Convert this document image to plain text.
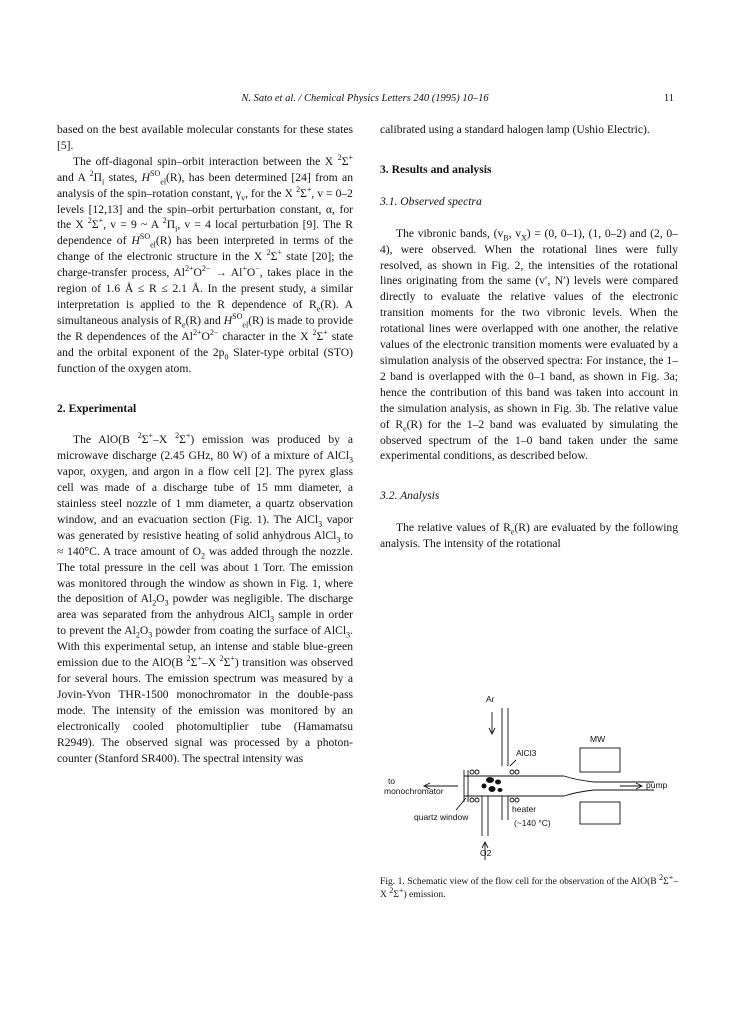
N. Sato et al. / Chemical Physics Letters 240 (1995) 10–16	11

based on the best available molecular constants for these states [5].

The off-diagonal spin–orbit interaction between the X $^2$Σ+ and A $^2\Pi_i$ states, $H^{SO}_{el}(R)$, has been determined [24] from an analysis of the spin–rotation constant, $\gamma_v$, for the X $^2$Σ+, v = 0–2 levels [12,13] and the spin–orbit perturbation constant, α, for the X $^2$Σ+, v = 9 ~ A $^2\Pi_i$, v = 4 local perturbation [9]. The R dependence of $H^{SO}_{el}(R)$ has been interpreted in terms of the change of the electronic structure in the X $^2$Σ+ state [20]; the charge-transfer process, $Al^{2+}O^{2-} \to Al^+O^-$, takes place in the region of 1.6 Å ≤ R ≤ 2.1 Å. In the present study, a similar interpretation is applied to the R dependence of $R_e(R)$. A simultaneous analysis of $R_e(R)$ and $H^{SO}_{el}(R)$ is made to provide the R dependences of the $Al^{2+}O^{2-}$ character in the X $^2$Σ+ state and the orbital exponent of the $2p_0$ Slater-type orbital (STO) function of the oxygen atom.

2. Experimental

The AlO(B $^2$Σ+–X $^2$Σ+) emission was produced by a microwave discharge (2.45 GHz, 80 W) of a mixture of AlCl$_3$ vapor, oxygen, and argon in a flow cell [2]. The pyrex glass cell was made of a discharge tube of 15 mm diameter, a stainless steel nozzle of 1 mm diameter, a quartz observation window, and an evacuation section (Fig. 1). The AlCl$_3$ vapor was generated by resistive heating of solid anhydrous AlCl$_3$ to ≈ 140°C. A trace amount of $O_2$ was added through the nozzle. The total pressure in the cell was about 1 Torr. The emission was monitored through the window as shown in Fig. 1, where the deposition of $Al_2O_3$ powder was negligible. The discharge area was separated from the anhydrous AlCl$_3$ sample in order to prevent the $Al_2O_3$ powder from coating the surface of AlCl$_3$. With this experimental setup, an intense and stable blue-green emission due to the AlO(B $^2$Σ+–X $^2$Σ+) transition was observed for several hours. The emission spectrum was measured by a Jovin-Yvon THR-1500 monochromator in the double-pass mode. The intensity of the emission was monitored by an electronically cooled photomultiplier tube (Hamamatsu R2949). The observed signal was processed by a photon-counter (Stanford SR400). The spectral intensity was

calibrated using a standard halogen lamp (Ushio Electric).

3. Results and analysis

3.1. Observed spectra

The vibronic bands, ($v_B$, $v_X) = (0$, 0–1), (1, 0–2) and (2, 0–4), were observed. When the rotational lines were fully resolved, as shown in Fig. 2, the intensities of the rotational lines originating from the same (v′, N′) levels were compared directly to evaluate the relative values of the electronic transition moments for the two vibronic levels. When the rotational lines were overlapped with one another, the relative values of the electronic transition moments were evaluated by a simulation analysis of the observed spectra: For instance, the 1–2 band is overlapped with the 0–1 band, as shown in Fig. 3a; hence the contribution of this band was taken into account in the simulation analysis, as shown in Fig. 3b. The relative value of $R_e(R)$ for the 1–2 band was evaluated by simulating the observed spectrum of the 1–0 band taken under the same experimental conditions, as described below.

3.2. Analysis

The relative values of $R_e(R)$ are evaluated by the following analysis. The intensity of the rotational

Ar
AlCl3
MW
to
monochromator
pump
quartz window
heater
(~140 °C)
O2
Fig. 1. Schematic view of the flow cell for the observation of the AlO(B $^2$Σ+–X $^2$Σ+) emission.
